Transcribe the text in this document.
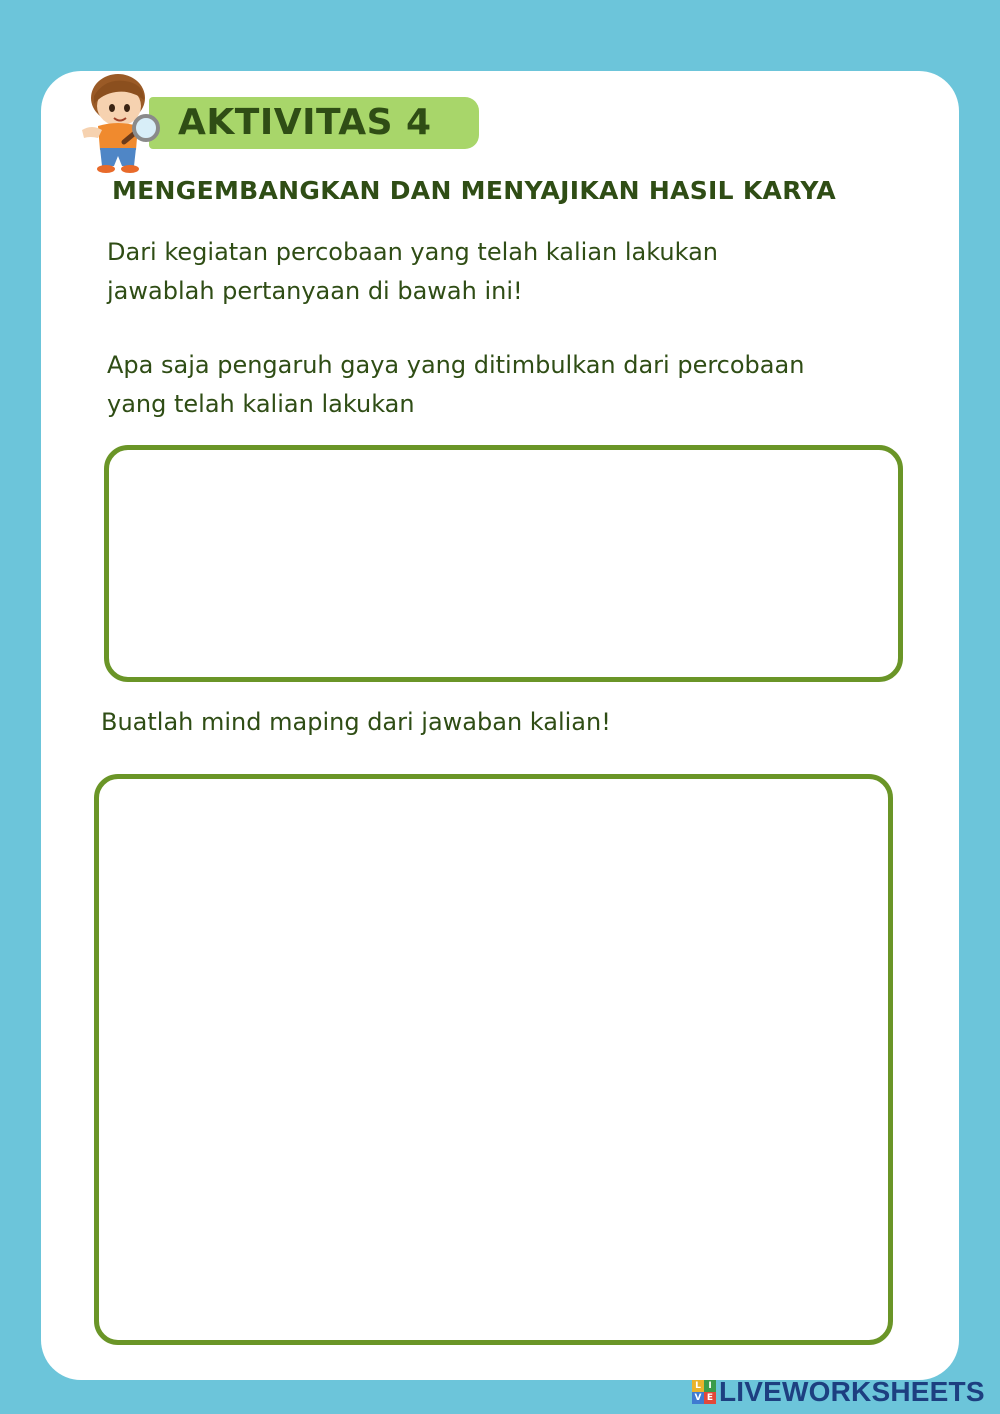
AKTIVITAS 4
MENGEMBANGKAN DAN MENYAJIKAN HASIL KARYA
Dari kegiatan percobaan yang telah kalian lakukan
jawablah pertanyaan di bawah ini!
Apa saja pengaruh gaya yang ditimbulkan dari percobaan
yang telah kalian lakukan
Buatlah mind maping dari jawaban kalian!
L I
V E LIVEWORKSHEETS
